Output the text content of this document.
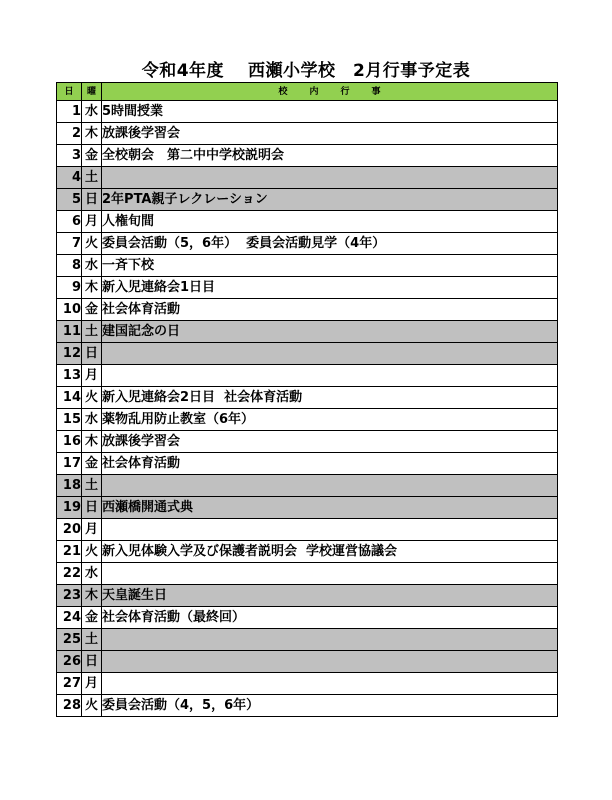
令和4年度　 西瀬小学校　2月行事予定表
日	曜	校内行事
1	水	5時間授業
2	木	放課後学習会
3	金	全校朝会　第二中中学校説明会
4	土	
5	日	2年PTA親子レクレーション
6	月	人権旬間
7	火	委員会活動（5，6年）  委員会活動見学（4年）
8	水	一斉下校
9	木	新入児連絡会1日目
10	金	社会体育活動
11	土	建国記念の日
12	日	
13	月	
14	火	新入児連絡会2日目  社会体育活動
15	水	薬物乱用防止教室（6年）
16	木	放課後学習会
17	金	社会体育活動
18	土	
19	日	西瀬橋開通式典
20	月	
21	火	新入児体験入学及び保護者説明会  学校運営協議会
22	水	
23	木	天皇誕生日
24	金	社会体育活動（最終回）
25	土	
26	日	
27	月	
28	火	委員会活動（4，5，6年）
